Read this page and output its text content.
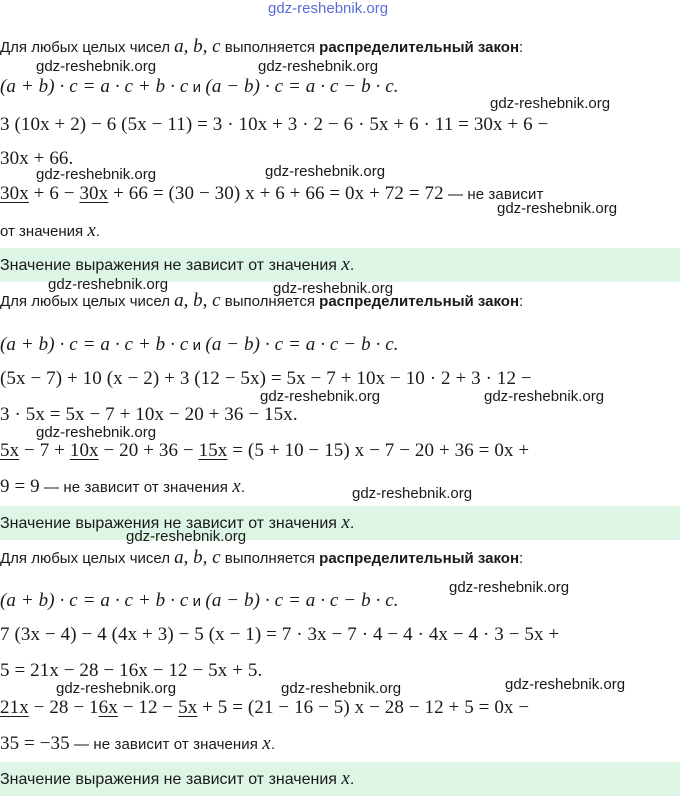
gdz-reshebnik.org
Для любых целых чисел a, b, c выполняется распределительный закон:
(a + b) · c = a · c + b · c и (a − b) · c = a · c − b · c.
3 (10x + 2) − 6 (5x − 11) = 3 · 10x + 3 · 2 − 6 · 5x + 6 · 11 = 30x + 6 −
30x + 66.
30x + 6 − 30x + 66 = (30 − 30) x + 6 + 66 = 0x + 72 = 72 — не зависит
от значения x.
Значение выражения не зависит от значения x.
Для любых целых чисел a, b, c выполняется распределительный закон:
(a + b) · c = a · c + b · c и (a − b) · c = a · c − b · c.
(5x − 7) + 10 (x − 2) + 3 (12 − 5x) = 5x − 7 + 10x − 10 · 2 + 3 · 12 −
3 · 5x = 5x − 7 + 10x − 20 + 36 − 15x.
5x − 7 + 10x − 20 + 36 − 15x = (5 + 10 − 15) x − 7 − 20 + 36 = 0x +
9 = 9 — не зависит от значения x.
Значение выражения не зависит от значения x.
Для любых целых чисел a, b, c выполняется распределительный закон:
(a + b) · c = a · c + b · c и (a − b) · c = a · c − b · c.
7 (3x − 4) − 4 (4x + 3) − 5 (x − 1) = 7 · 3x − 7 · 4 − 4 · 4x − 4 · 3 − 5x +
5 = 21x − 28 − 16x − 12 − 5x + 5.
21x − 28 − 16x − 12 − 5x + 5 = (21 − 16 − 5) x − 28 − 12 + 5 = 0x −
35 = −35 — не зависит от значения x.
Значение выражения не зависит от значения x.
gdz-reshebnik.org	gdz-reshebnik.org
gdz-reshebnik.org
gdz-reshebnik.org	gdz-reshebnik.org
gdz-reshebnik.org
gdz-reshebnik.org	gdz-reshebnik.org
gdz-reshebnik.org	gdz-reshebnik.org
gdz-reshebnik.org
gdz-reshebnik.org
gdz-reshebnik.org
gdz-reshebnik.org
gdz-reshebnik.org	gdz-reshebnik.org	gdz-reshebnik.org
